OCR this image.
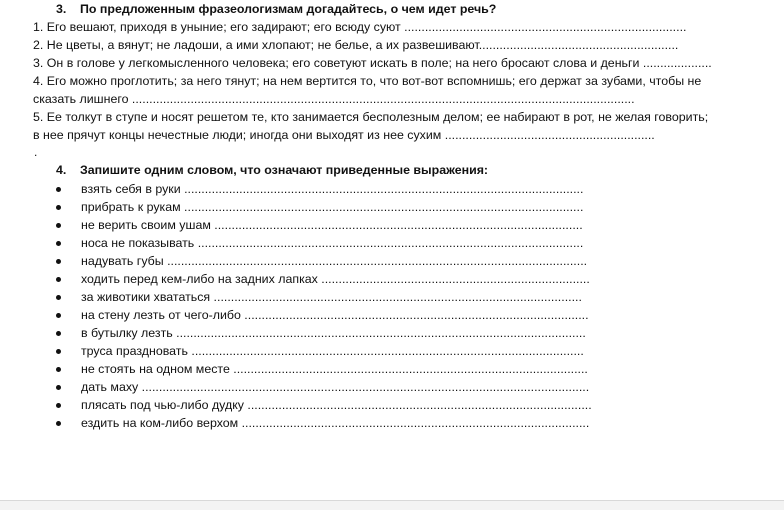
3. По предложенным фразеологизмам догадайтесь, о чем идет речь?
1. Его вешают, приходя в уныние; его задирают; его всюду суют ..................................................................................
2. Не цветы, а вянут; не ладоши, а ими хлопают; не белье, а их развешивают..........................................................
3. Он в голове у легкомысленного человека; его советуют искать в поле; на него бросают слова и деньги ....................
4. Его можно проглотить; за него тянут; на нем вертится то, что вот-вот вспомнишь; его держат за зубами, чтобы не
сказать лишнего ..................................................................................................................................................
5. Ее толкут в ступе и носят решетом те, кто занимается бесполезным делом; ее набирают в рот, не желая говорить;
в нее прячут концы нечестные люди; иногда они выходят из нее сухим .............................................................
.
4. Запишите одним словом, что означают приведенные выражения:
взять себя в руки ....................................................................................................................
прибрать к рукам ....................................................................................................................
не верить своим ушам ...........................................................................................................
носа не показывать ................................................................................................................
надувать губы ..........................................................................................................................
ходить перед кем-либо на задних лапках ..............................................................................
за животики хвататься ...........................................................................................................
на стену лезть от чего-либо ....................................................................................................
в бутылку лезть .......................................................................................................................
труса праздновать ..................................................................................................................
не стоять на одном месте .......................................................................................................
дать маху ..................................................................................................................................
плясать под чью-либо дудку ....................................................................................................
ездить на ком-либо верхом .....................................................................................................
